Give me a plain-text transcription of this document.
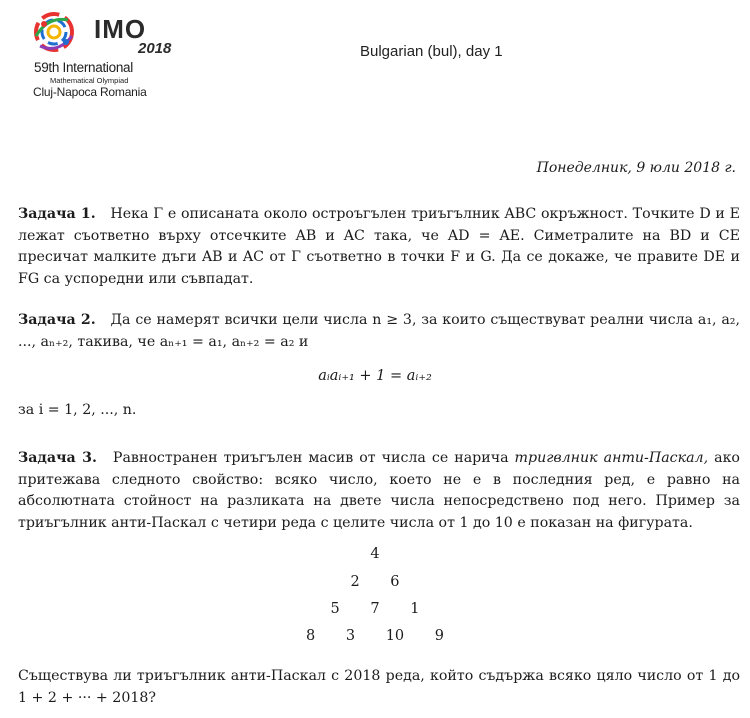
IMO
2018
59th International
Mathematical Olympiad
Cluj-Napoca Romania
Bulgarian (bul), day 1
Понеделник, 9 юли 2018 г.
Задача 1. Нека Γ е описаната около остроъгълен триъгълник ABC окръжност. Точките D и E лежат съответно върху отсечките AB и AC така, че AD = AE. Симетралите на BD и CE пресичат малките дъги AB и AC от Γ съответно в точки F и G. Да се докаже, че правите DE и FG са успоредни или съвпадат.
Задача 2. Да се намерят всички цели числа n ≥ 3, за които съществуват реални числа a₁, a₂, ..., aₙ₊₂, такива, че aₙ₊₁ = a₁, aₙ₊₂ = a₂ и
aᵢaᵢ₊₁ + 1 = aᵢ₊₂
за i = 1, 2, ..., n.
Задача 3. Равностранен триъгълен масив от числа се нарича тригвлник анти-Паскал, ако притежава следното свойство: всяко число, което не е в последния ред, е равно на абсолютната стойност на разликата на двете числа непосредствено под него. Пример за триъгълник анти-Паскал с четири реда с целите числа от 1 до 10 е показан на фигурата.
4
2 6
5 7 1
8 3 10 9
Съществува ли триъгълник анти-Паскал с 2018 реда, който съдържа всяко цяло число от 1 до 1 + 2 + ··· + 2018?
